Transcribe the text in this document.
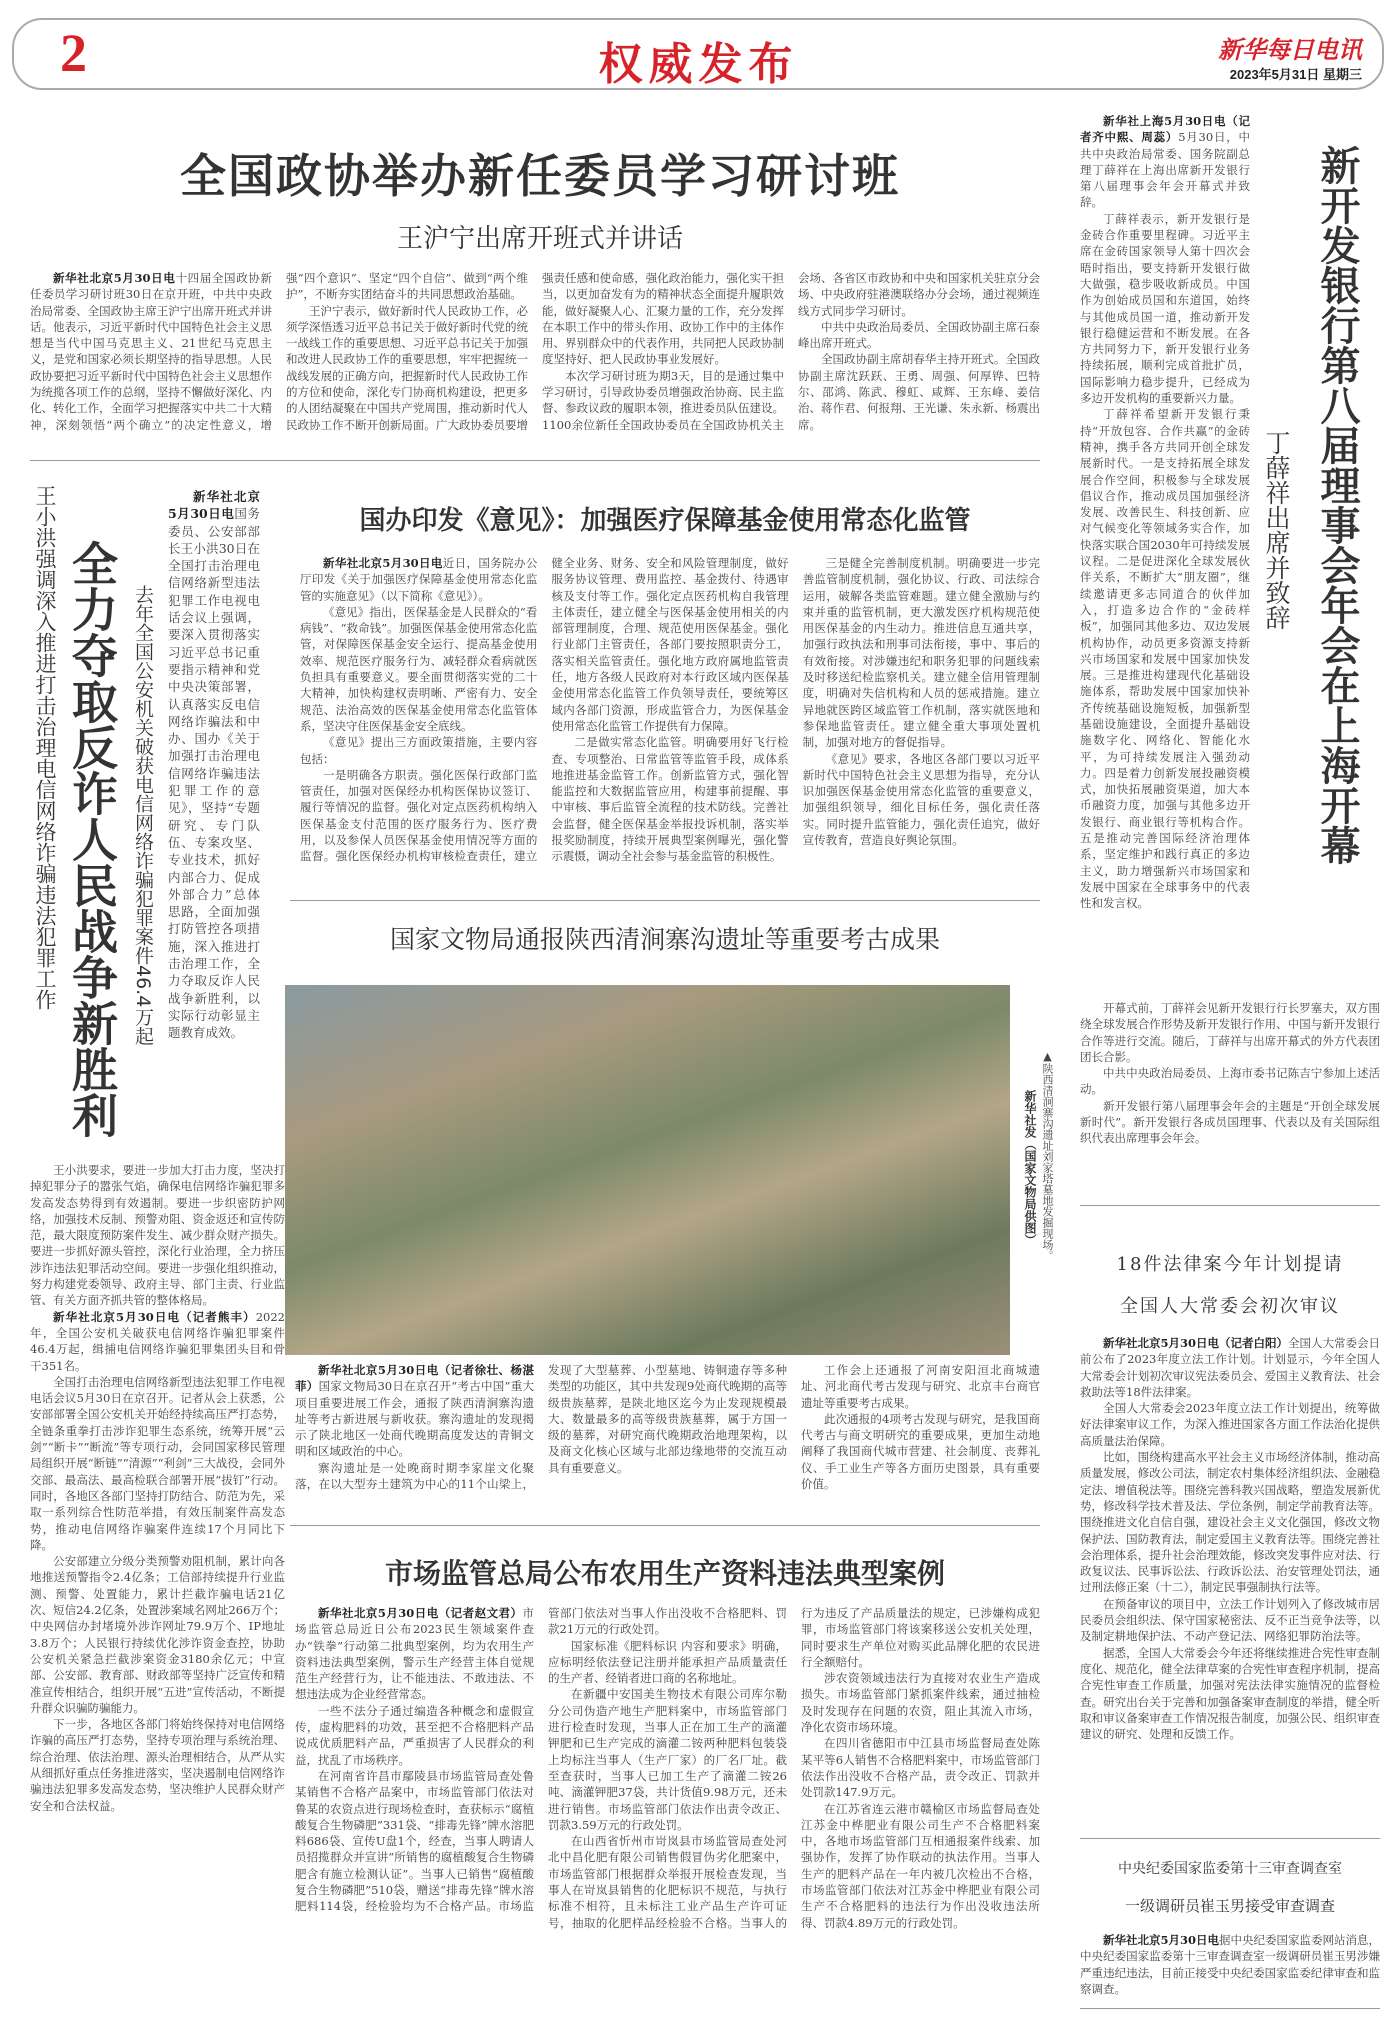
2	权威发布	新华每日电讯
2023年5月31日 星期三
全国政协举办新任委员学习研讨班
王沪宁出席开班式并讲话

新华社北京5月30日电十四届全国政协新任委员学习研讨班30日在京开班，中共中央政治局常委、全国政协主席王沪宁出席开班式并讲话。他表示，习近平新时代中国特色社会主义思想是当代中国马克思主义、21世纪马克思主义，是党和国家必须长期坚持的指导思想。人民政协要把习近平新时代中国特色社会主义思想作为统揽各项工作的总纲，坚持不懈做好深化、内化、转化工作，全面学习把握落实中共二十大精神，深刻领悟“两个确立”的决定性意义，增强“四个意识”、坚定“四个自信”、做到“两个维护”，不断夯实团结奋斗的共同思想政治基础。

王沪宁表示，做好新时代人民政协工作，必须学深悟透习近平总书记关于做好新时代党的统一战线工作的重要思想、习近平总书记关于加强和改进人民政协工作的重要思想，牢牢把握统一战线发展的正确方向，把握新时代人民政协工作的方位和使命，深化专门协商机构建设，把更多的人团结凝聚在中国共产党周围，推动新时代人民政协工作不断开创新局面。广大政协委员要增强责任感和使命感，强化政治能力，强化实干担当，以更加奋发有为的精神状态全面提升履职效能，做好凝聚人心、汇聚力量的工作，充分发挥在本职工作中的带头作用、政协工作中的主体作用、界别群众中的代表作用，共同把人民政协制度坚持好、把人民政协事业发展好。

本次学习研讨班为期3天，目的是通过集中学习研讨，引导政协委员增强政治协商、民主监督、参政议政的履职本领，推进委员队伍建设。1100余位新任全国政协委员在全国政协机关主会场、各省区市政协和中央和国家机关驻京分会场、中央政府驻港澳联络办分会场，通过视频连线方式同步学习研讨。

中共中央政治局委员、全国政协副主席石泰峰出席开班式。

全国政协副主席胡春华主持开班式。全国政协副主席沈跃跃、王勇、周强、何厚铧、巴特尔、邵鸿、陈武、穆虹、咸辉、王东峰、姜信治、蒋作君、何报翔、王光谦、朱永新、杨震出席。

王小洪强调深入推进打击治理电信网络诈骗违法犯罪工作 全力夺取反诈人民战争新胜利 去年全国公安机关破获电信网络诈骗犯罪案件46.4万起

新华社北京5月30日电国务委员、公安部部长王小洪30日在全国打击治理电信网络新型违法犯罪工作电视电话会议上强调，要深入贯彻落实习近平总书记重要指示精神和党中央决策部署，认真落实反电信网络诈骗法和中办、国办《关于加强打击治理电信网络诈骗违法犯罪工作的意见》，坚持“专题研究、专门队伍、专案攻坚、专业技术，抓好内部合力、促成外部合力”总体思路，全面加强打防管控各项措施，深入推进打击治理工作，全力夺取反诈人民战争新胜利，以实际行动彰显主题教育成效。

王小洪要求，要进一步加大打击力度，坚决打掉犯罪分子的嚣张气焰，确保电信网络诈骗犯罪多发高发态势得到有效遏制。要进一步织密防护网络，加强技术反制、预警劝阻、资金返还和宣传防范，最大限度预防案件发生、减少群众财产损失。要进一步抓好源头管控，深化行业治理，全力挤压涉诈违法犯罪活动空间。要进一步强化组织推动，努力构建党委领导、政府主导、部门主责、行业监管、有关方面齐抓共管的整体格局。

新华社北京5月30日电（记者熊丰）2022年，全国公安机关破获电信网络诈骗犯罪案件46.4万起，缉捕电信网络诈骗犯罪集团头目和骨干351名。

全国打击治理电信网络新型违法犯罪工作电视电话会议5月30日在京召开。记者从会上获悉，公安部部署全国公安机关开始经持续高压严打态势，全链条重拳打击涉诈犯罪生态系统，统筹开展“云剑”“断卡”“断流”等专项行动，会同国家移民管理局组织开展“断链”“清源”“利剑”三大战役，会同外交部、最高法、最高检联合部署开展“拔钉”行动。同时，各地区各部门坚持打防结合、防范为先，采取一系列综合性防范举措，有效压制案件高发态势，推动电信网络诈骗案件连续17个月同比下降。

公安部建立分级分类预警劝阻机制，累计向各地推送预警指令2.4亿条；工信部持续提升行业监测、预警、处置能力，累计拦截诈骗电话21亿次、短信24.2亿条，处置涉案域名网址266万个；中央网信办封堵境外涉诈网址79.9万个、IP地址3.8万个；人民银行持续优化涉诈资金查控，协助公安机关紧急拦截涉案资金3180余亿元；中宣部、公安部、教育部、财政部等坚持广泛宣传和精准宣传相结合，组织开展“五进”宣传活动，不断提升群众识骗防骗能力。

下一步，各地区各部门将始终保持对电信网络诈骗的高压严打态势，坚持专项治理与系统治理、综合治理、依法治理、源头治理相结合，从严从实从细抓好重点任务推进落实，坚决遏制电信网络诈骗违法犯罪多发高发态势，坚决维护人民群众财产安全和合法权益。

国办印发《意见》：加强医疗保障基金使用常态化监管

新华社北京5月30日电近日，国务院办公厅印发《关于加强医疗保障基金使用常态化监管的实施意见》（以下简称《意见》）。

《意见》指出，医保基金是人民群众的“看病钱”、“救命钱”。加强医保基金使用常态化监管，对保障医保基金安全运行、提高基金使用效率、规范医疗服务行为、减轻群众看病就医负担具有重要意义。要全面贯彻落实党的二十大精神，加快构建权责明晰、严密有力、安全规范、法治高效的医保基金使用常态化监管体系，坚决守住医保基金安全底线。

《意见》提出三方面政策措施，主要内容包括：

一是明确各方职责。强化医保行政部门监管责任，加强对医保经办机构医保协议签订、履行等情况的监督。强化对定点医药机构纳入医保基金支付范围的医疗服务行为、医疗费用，以及参保人员医保基金使用情况等方面的监督。强化医保经办机构审核检查责任，建立健全业务、财务、安全和风险管理制度，做好服务协议管理、费用监控、基金拨付、待遇审核及支付等工作。强化定点医药机构自我管理主体责任，建立健全与医保基金使用相关的内部管理制度，合理、规范使用医保基金。强化行业部门主管责任，各部门要按照职责分工，落实相关监管责任。强化地方政府属地监管责任，地方各级人民政府对本行政区域内医保基金使用常态化监管工作负领导责任，要统筹区域内各部门资源，形成监管合力，为医保基金使用常态化监管工作提供有力保障。

二是做实常态化监管。明确要用好飞行检查、专项整治、日常监管等监管手段，成体系地推进基金监管工作。创新监管方式，强化智能监控和大数据监管应用，构建事前提醒、事中审核、事后监管全流程的技术防线。完善社会监督，健全医保基金举报投诉机制，落实举报奖励制度，持续开展典型案例曝光，强化警示震慑，调动全社会参与基金监管的积极性。

三是健全完善制度机制。明确要进一步完善监管制度机制，强化协议、行政、司法综合运用，破解各类监管难题。建立健全激励与约束并重的监管机制，更大激发医疗机构规范使用医保基金的内生动力。推进信息互通共享，加强行政执法和刑事司法衔接，事中、事后的有效衔接。对涉嫌违纪和职务犯罪的问题线索及时移送纪检监察机关。建立健全信用管理制度，明确对失信机构和人员的惩戒措施。建立异地就医跨区域监管工作机制，落实就医地和参保地监管责任。建立健全重大事项处置机制，加强对地方的督促指导。

《意见》要求，各地区各部门要以习近平新时代中国特色社会主义思想为指导，充分认识加强医保基金使用常态化监管的重要意义，加强组织领导，细化目标任务，强化责任落实。同时提升监管能力，强化责任追究，做好宣传教育，营造良好舆论氛围。

国家文物局通报陕西清涧寨沟遗址等重要考古成果
▲陕西清涧寨沟遗址刘家塔墓地发掘现场。
新华社发（国家文物局供图）

新华社北京5月30日电（记者徐壮、杨湛菲）国家文物局30日在京召开“考古中国”重大项目重要进展工作会，通报了陕西清涧寨沟遗址等考古新进展与新收获。寨沟遗址的发现揭示了陕北地区一处商代晚期高度发达的青铜文明和区域政治的中心。

寨沟遗址是一处晚商时期李家崖文化聚落，在以大型夯土建筑为中心的11个山梁上，发现了大型墓葬、小型墓地、铸铜遗存等多种类型的功能区，其中共发现9处商代晚期的高等级贵族墓葬，是陕北地区迄今为止发现规模最大、数量最多的高等级贵族墓葬，属于方国一级的墓葬，对研究商代晚期政治地理架构，以及商文化核心区域与北部边缘地带的交流互动具有重要意义。

工作会上还通报了河南安阳洹北商城遗址、河北商代考古发现与研究、北京丰台商官遗址等重要考古成果。

此次通报的4项考古发现与研究，是我国商代考古与商文明研究的重要成果，更加生动地阐释了我国商代城市营建、社会制度、丧葬礼仪、手工业生产等各方面历史图景，具有重要价值。

市场监管总局公布农用生产资料违法典型案例

新华社北京5月30日电（记者赵文君）市场监管总局近日公布2023民生领域案件查办“铁拳”行动第二批典型案例，均为农用生产资料违法典型案例，警示生产经营主体自觉规范生产经营行为，让不能违法、不敢违法、不想违法成为企业经营常态。

一些不法分子通过编造各种概念和虚假宣传，虚构肥料的功效，甚至把不合格肥料产品说成优质肥料产品，严重损害了人民群众的利益，扰乱了市场秩序。

在河南省许昌市鄢陵县市场监管局查处鲁某销售不合格产品案中，市场监管部门依法对鲁某的农资点进行现场检查时，查获标示“腐植酸复合生物磷肥”331袋、“排毒先锋”牌水溶肥料686袋、宣传U盘1个，经查，当事人聘请人员招揽群众并宣讲“所销售的腐植酸复合生物磷肥含有施立检测认证”。当事人已销售“腐植酸复合生物磷肥”510袋，赠送“排毒先锋”牌水溶肥料114袋，经检验均为不合格产品。市场监管部门依法对当事人作出没收不合格肥料、罚款21万元的行政处罚。

国家标准《肥料标识 内容和要求》明确，应标明经依法登记注册并能承担产品质量责任的生产者、经销者进口商的名称地址。

在新疆中安国美生物技术有限公司库尔勒分公司伪造产地生产肥料案中，市场监管部门进行检查时发现，当事人正在加工生产的滴灌钾肥和已生产完成的滴灌二铵两种肥料包装袋上均标注当事人（生产厂家）的厂名厂址。截至查获时，当事人已加工生产了滴灌二铵26吨、滴灌钾肥37袋，共计货值9.98万元，还未进行销售。市场监管部门依法作出责令改正、罚款3.59万元的行政处罚。

在山西省忻州市岢岚县市场监管局查处河北中昌化肥有限公司销售假冒伪劣化肥案中，市场监管部门根据群众举报开展检查发现，当事人在岢岚县销售的化肥标识不规范，与执行标准不相符，且未标注工业产品生产许可证号，抽取的化肥样品经检验不合格。当事人的行为违反了产品质量法的规定，已涉嫌构成犯罪，市场监管部门将该案移送公安机关处理，同时要求生产单位对购买此品牌化肥的农民进行全额赔付。

涉农资领域违法行为直接对农业生产造成损失。市场监管部门紧抓案件线索，通过抽检及时发现存在问题的农资，阻止其流入市场，净化农资市场环境。

在四川省德阳市中江县市场监督局查处陈某平等6人销售不合格肥料案中，市场监管部门依法作出没收不合格产品，责令改正、罚款并处罚款147.9万元。

在江苏省连云港市赣榆区市场监督局查处江苏金中桦肥业有限公司生产不合格肥料案中，各地市场监管部门互相通报案件线索、加强协作，发挥了协作联动的执法作用。当事人生产的肥料产品在一年内被几次检出不合格，市场监管部门依法对江苏金中桦肥业有限公司生产不合格肥料的违法行为作出没收违法所得、罚款4.89万元的行政处罚。

新开发银行第八届理事会年会在上海开幕
丁薛祥出席并致辞

新华社上海5月30日电（记者齐中熙、周蕊）5月30日，中共中央政治局常委、国务院副总理丁薛祥在上海出席新开发银行第八届理事会年会开幕式并致辞。

丁薛祥表示，新开发银行是金砖合作重要里程碑。习近平主席在金砖国家领导人第十四次会晤时指出，要支持新开发银行做大做强，稳步吸收新成员。中国作为创始成员国和东道国，始终与其他成员国一道，推动新开发银行稳健运营和不断发展。在各方共同努力下，新开发银行业务持续拓展，顺利完成首批扩员，国际影响力稳步提升，已经成为多边开发机构的重要新兴力量。

丁薛祥希望新开发银行秉持“开放包容、合作共赢”的金砖精神，携手各方共同开创全球发展新时代。一是支持拓展全球发展合作空间，积极参与全球发展倡议合作，推动成员国加强经济发展、改善民生、科技创新、应对气候变化等领域务实合作，加快落实联合国2030年可持续发展议程。二是促进深化全球发展伙伴关系，不断扩大“朋友圈”，继续邀请更多志同道合的伙伴加入，打造多边合作的“金砖样板”，加强同其他多边、双边发展机构协作，动员更多资源支持新兴市场国家和发展中国家加快发展。三是推进构建现代化基础设施体系，帮助发展中国家加快补齐传统基础设施短板，加强新型基础设施建设，全面提升基础设施数字化、网络化、智能化水平，为可持续发展注入强劲动力。四是着力创新发展投融资模式，加快拓展融资渠道，加大本币融资力度，加强与其他多边开发银行、商业银行等机构合作。五是推动完善国际经济治理体系，坚定维护和践行真正的多边主义，助力增强新兴市场国家和发展中国家在全球事务中的代表性和发言权。

开幕式前，丁薛祥会见新开发银行行长罗塞夫，双方围绕全球发展合作形势及新开发银行作用、中国与新开发银行合作等进行交流。随后，丁薛祥与出席开幕式的外方代表团团长合影。

中共中央政治局委员、上海市委书记陈吉宁参加上述活动。

新开发银行第八届理事会年会的主题是“开创全球发展新时代”。新开发银行各成员国理事、代表以及有关国际组织代表出席理事会年会。

18件法律案今年计划提请
全国人大常委会初次审议

新华社北京5月30日电（记者白阳）全国人大常委会日前公布了2023年度立法工作计划。计划显示，今年全国人大常委会计划初次审议宪法委员会、爱国主义教育法、社会救助法等18件法律案。

全国人大常委会2023年度立法工作计划提出，统筹做好法律案审议工作，为深入推进国家各方面工作法治化提供高质量法治保障。

比如，围绕构建高水平社会主义市场经济体制，推动高质量发展，修改公司法，制定农村集体经济组织法、金融稳定法、增值税法等。围绕完善科教兴国战略，塑造发展新优势，修改科学技术普及法、学位条例，制定学前教育法等。围绕推进文化自信自强，建设社会主义文化强国，修改文物保护法、国防教育法，制定爱国主义教育法等。围绕完善社会治理体系，提升社会治理效能，修改突发事件应对法、行政复议法、民事诉讼法、行政诉讼法、治安管理处罚法，通过刑法修正案（十二），制定民事强制执行法等。

在预备审议的项目中，立法工作计划列入了修改城市居民委员会组织法、保守国家秘密法、反不正当竞争法等，以及制定耕地保护法、不动产登记法、网络犯罪防治法等。

据悉，全国人大常委会今年还将继续推进合宪性审查制度化、规范化，健全法律草案的合宪性审查程序机制，提高合宪性审查工作质量，加强对宪法法律实施情况的监督检查。研究出台关于完善和加强备案审查制度的举措，健全听取和审议备案审查工作情况报告制度，加强公民、组织审查建议的研究、处理和反馈工作。

中央纪委国家监委第十三审查调查室
一级调研员崔玉男接受审查调查

新华社北京5月30日电据中央纪委国家监委网站消息，中央纪委国家监委第十三审查调查室一级调研员崔玉男涉嫌严重违纪违法，目前正接受中央纪委国家监委纪律审查和监察调查。
